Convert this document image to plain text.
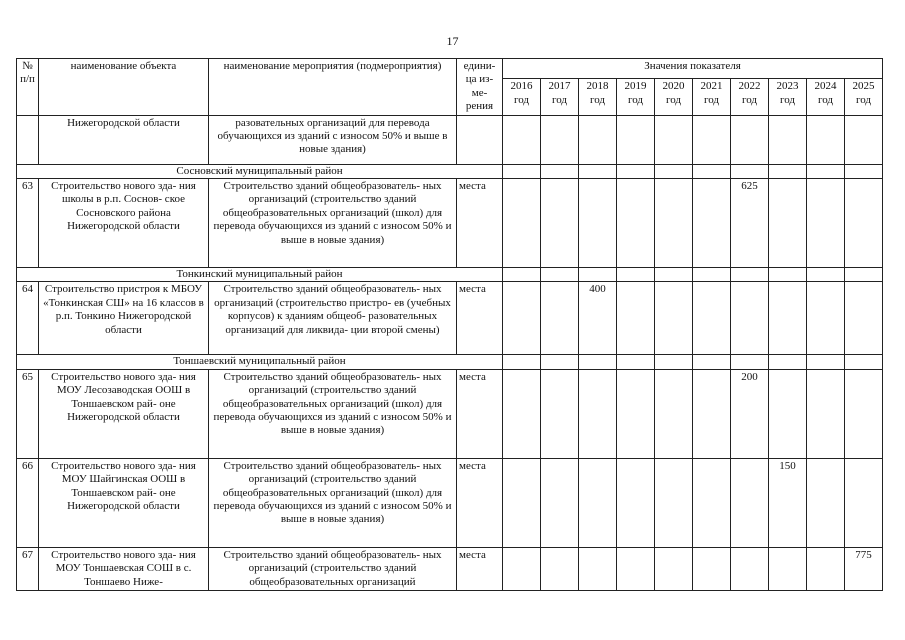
17
№ п/п	наименование объекта	наименование мероприятия (подмероприятия)	едини- ца из- ме- рения	Значения показателя									
				2016 год	2017 год	2018 год	2019 год	2020 год	2021 год	2022 год	2023 год	2024 год	2025 год
	Нижегородской области	разовательных организаций для перевода обучающихся из зданий с износом 50% и выше в новые здания)											
Сосновский муниципальный район													
63	Строительство нового зда- ния школы в р.п. Соснов- ское Сосновского района Нижегородской области	Строительство зданий общеобразователь- ных организаций (строительство зданий общеобразовательных организаций (школ) для перевода обучающихся из зданий с износом 50% и выше в новые здания)	места							625			
Тонкинский муниципальный район													
64	Строительство пристроя к МБОУ «Тонкинская СШ» на 16 классов в р.п. Тонкино Нижегородской области	Строительство зданий общеобразователь- ных организаций (строительство пристро- ев (учебных корпусов) к зданиям общеоб- разовательных организаций для ликвида- ции второй смены)	места			400							
Тоншаевский муниципальный район													
65	Строительство нового зда- ния МОУ Лесозаводская ООШ в Тоншаевском рай- оне Нижегородской области	Строительство зданий общеобразователь- ных организаций (строительство зданий общеобразовательных организаций (школ) для перевода обучающихся из зданий с износом 50% и выше в новые здания)	места							200			
66	Строительство нового зда- ния МОУ Шайгинская ООШ в Тоншаевском рай- оне Нижегородской области	Строительство зданий общеобразователь- ных организаций (строительство зданий общеобразовательных организаций (школ) для перевода обучающихся из зданий с износом 50% и выше в новые здания)	места								150		
67	Строительство нового зда- ния МОУ Тоншаевская СОШ в с. Тоншаево Ниже-	Строительство зданий общеобразователь- ных организаций (строительство зданий общеобразовательных организаций	места										775
